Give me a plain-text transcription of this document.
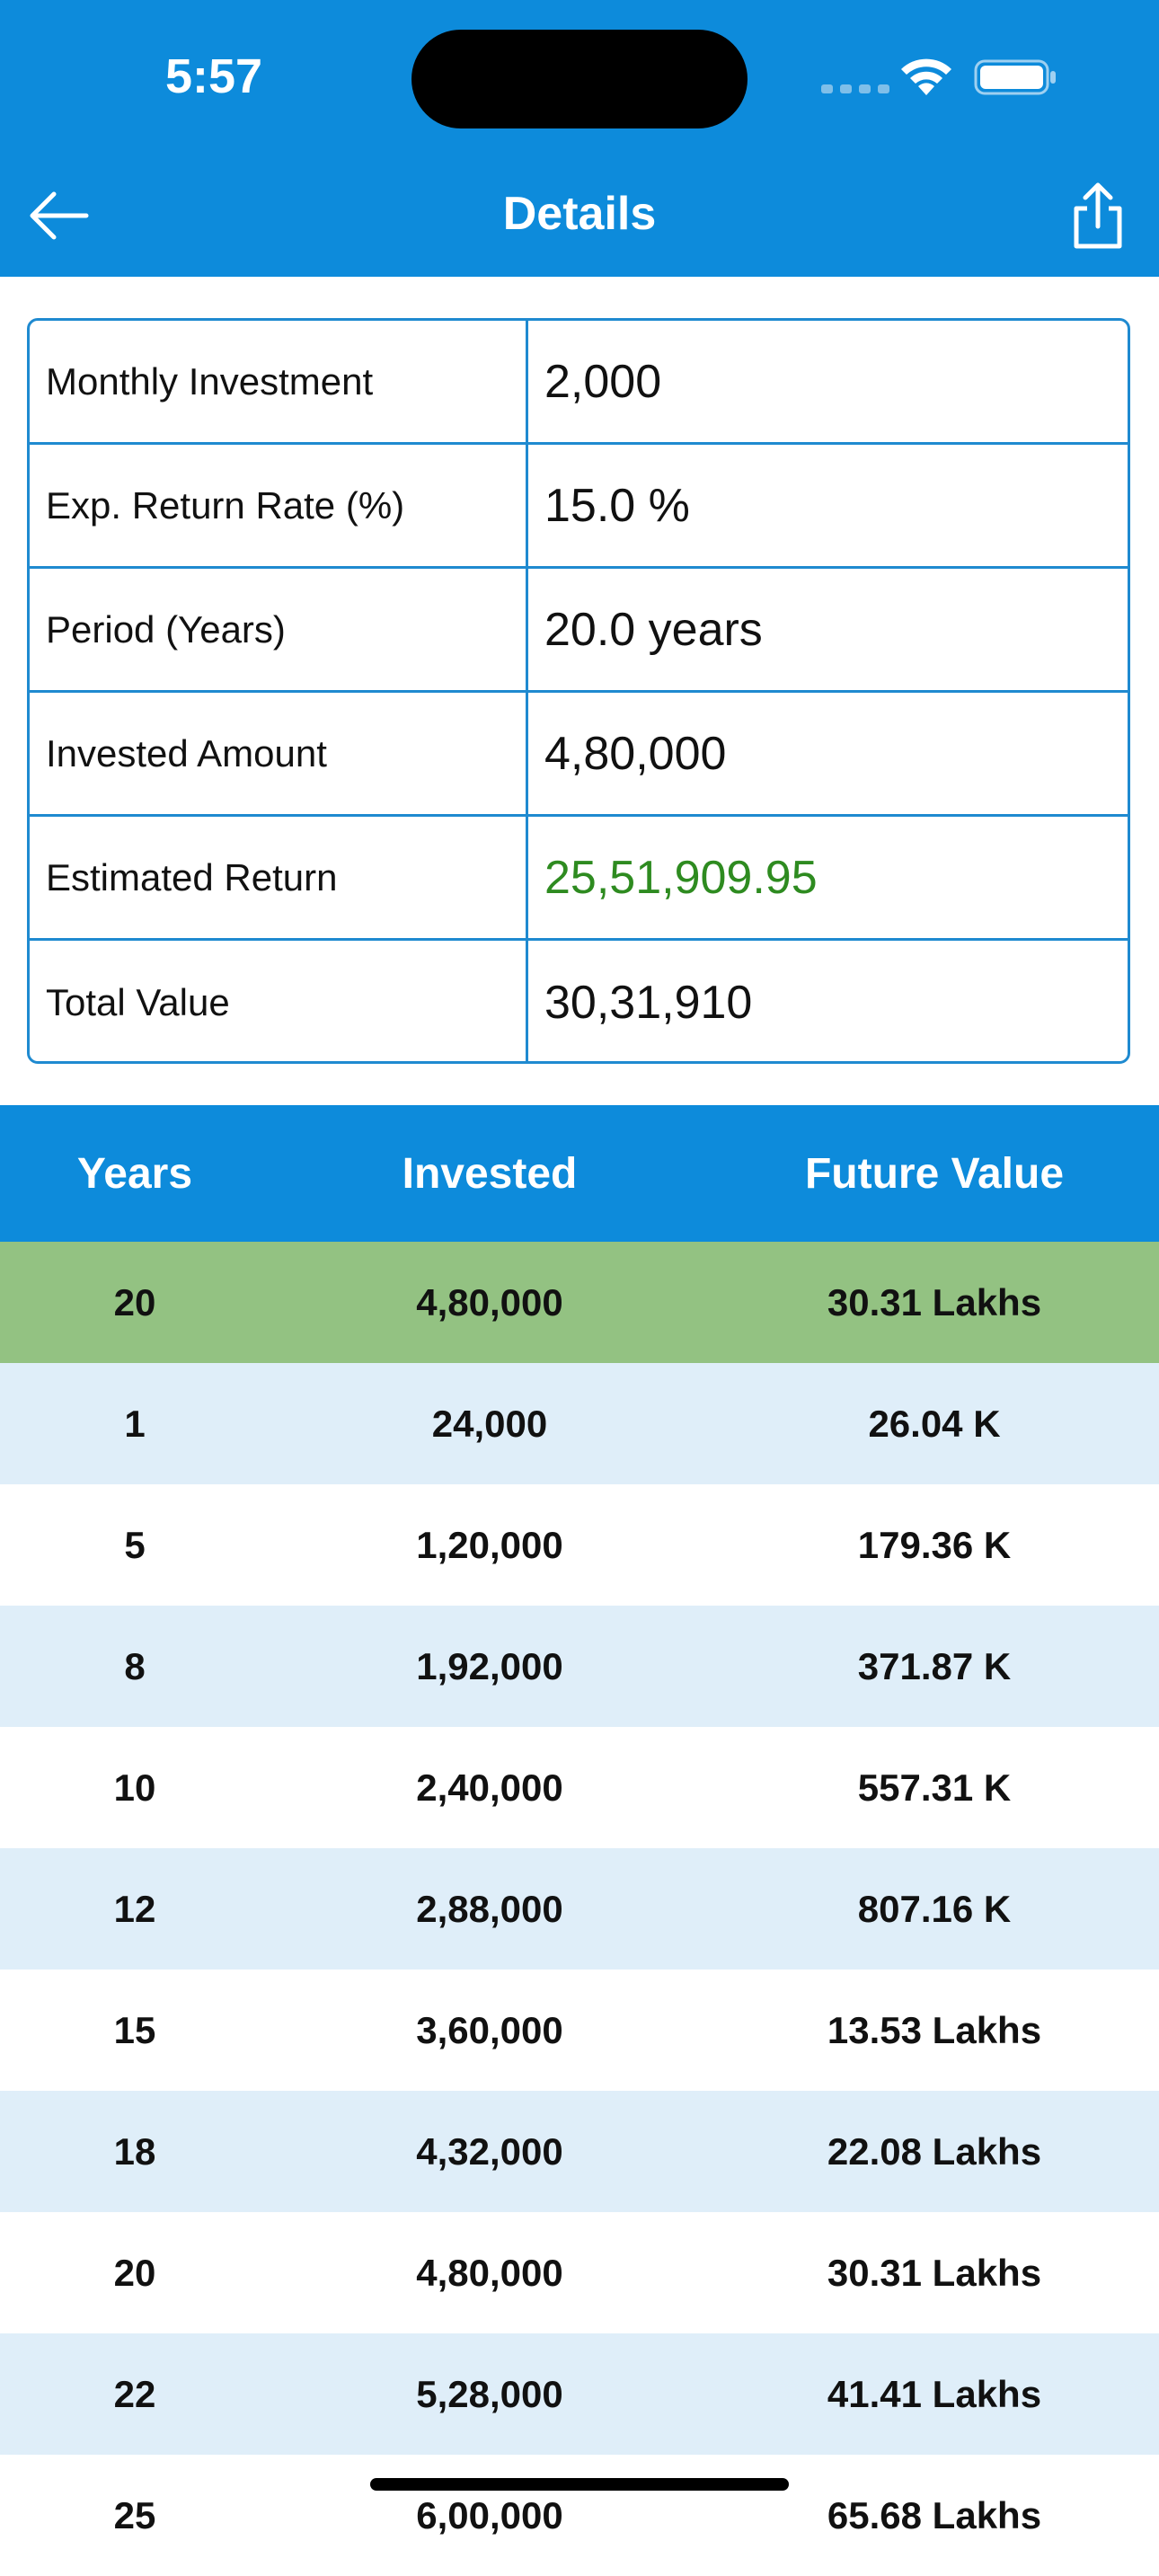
5:57
Details
Monthly Investment	2,000
Exp. Return Rate (%)	15.0 %
Period (Years)	20.0 years
Invested Amount	4,80,000
Estimated Return	25,51,909.95
Total Value	30,31,910
Years	Invested	Future Value
20	4,80,000	30.31 Lakhs
1	24,000	26.04 K
5	1,20,000	179.36 K
8	1,92,000	371.87 K
10	2,40,000	557.31 K
12	2,88,000	807.16 K
15	3,60,000	13.53 Lakhs
18	4,32,000	22.08 Lakhs
20	4,80,000	30.31 Lakhs
22	5,28,000	41.41 Lakhs
25	6,00,000	65.68 Lakhs
